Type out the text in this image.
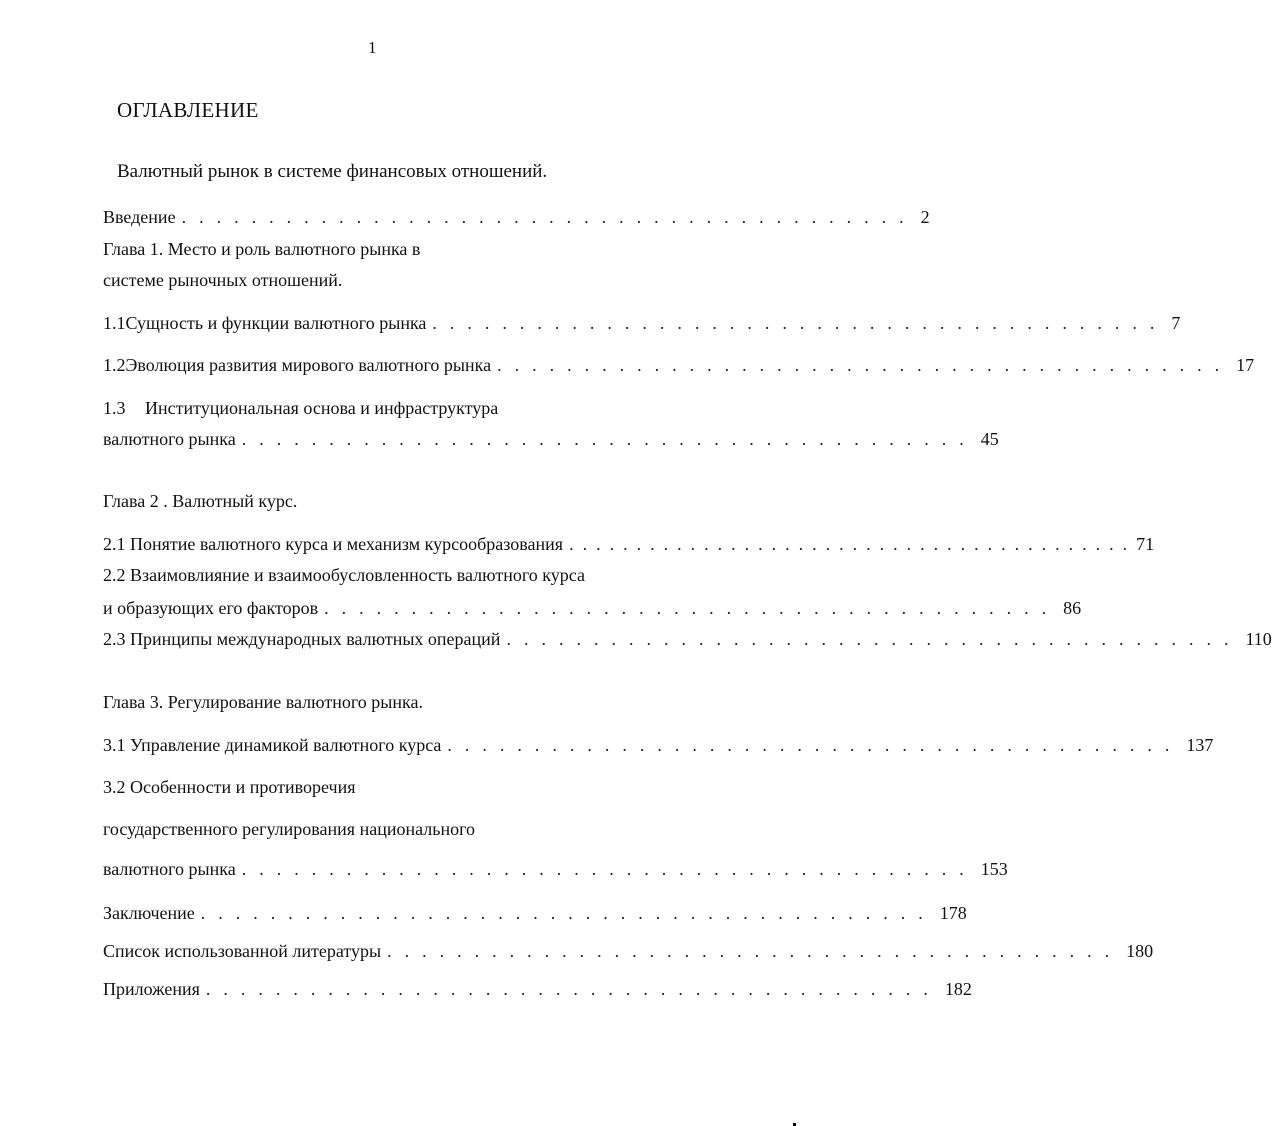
1
ОГЛАВЛЕНИЕ
Валютный рынок в системе финансовых отношений.
Введение .......................................... 2
Глава 1. Место и роль валютного рынка в
системе рыночных отношений.
1.1 Сущность и функции валютного рынка .......................................... 7
1.2 Эволюция развития мирового валютного рынка .......................................... 17
1.3 Институциональная основа и инфраструктура
валютного рынка .......................................... 45
Глава 2 . Валютный курс.
2.1 Понятие валютного курса и механизм курсообразования .......................................... 71
2.2 Взаимовлияние и взаимообусловленность валютного курса
и образующих его факторов .......................................... 86
2.3 Принципы международных валютных операций .......................................... 110
Глава 3. Регулирование валютного рынка.
3.1 Управление динамикой валютного курса .......................................... 137
3.2 Особенности и противоречия
государственного регулирования национального
валютного рынка .......................................... 153
Заключение .......................................... 178
Список использованной литературы .......................................... 180
Приложения .......................................... 182
